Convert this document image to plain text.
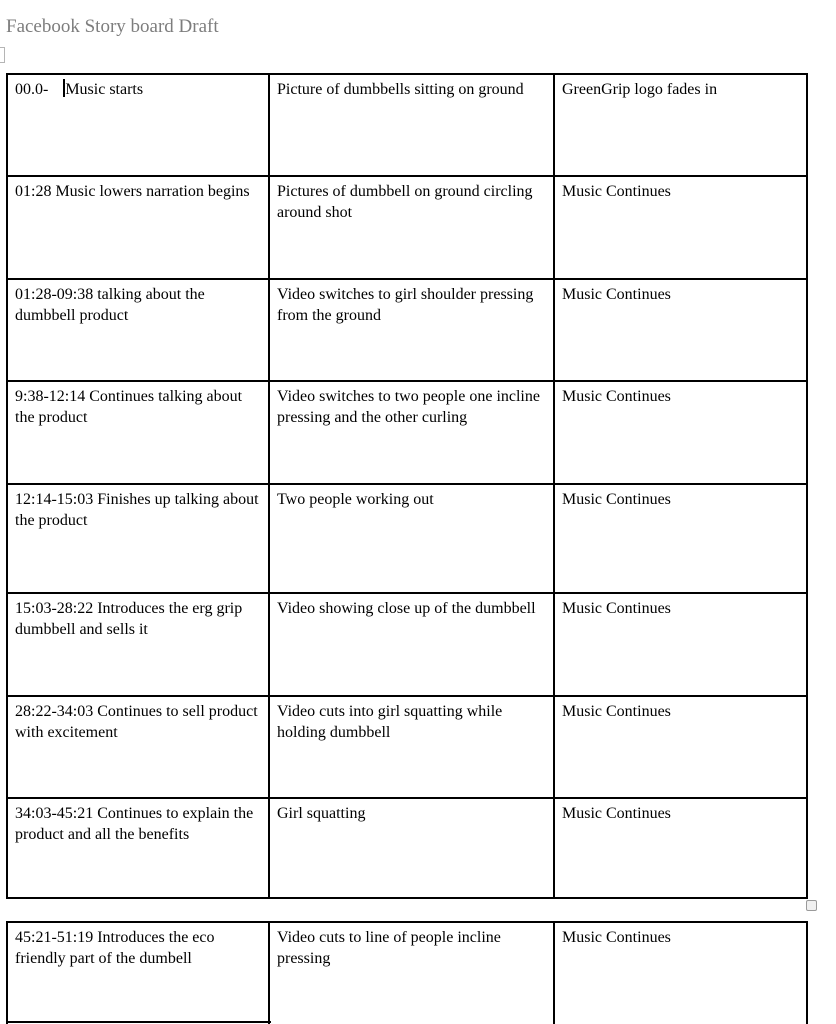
Facebook Story board Draft
00.0- Music starts	Picture of dumbbells sitting on ground	GreenGrip logo fades in
01:28 Music lowers narration begins	Pictures of dumbbell on ground circling around shot	Music Continues
01:28-09:38 talking about the dumbbell product	Video switches to girl shoulder pressing from the ground	Music Continues
9:38-12:14 Continues talking about the product	Video switches to two people one incline pressing and the other curling	Music Continues
12:14-15:03 Finishes up talking about the product	Two people working out	Music Continues
15:03-28:22 Introduces the erg grip dumbbell and sells it	Video showing close up of the dumbbell	Music Continues
28:22-34:03 Continues to sell product with excitement	Video cuts into girl squatting while holding dumbbell	Music Continues
34:03-45:21 Continues to explain the product and all the benefits	Girl squatting	Music Continues
45:21-51:19 Introduces the eco friendly part of the dumbell	Video cuts to line of people incline pressing	Music Continues
